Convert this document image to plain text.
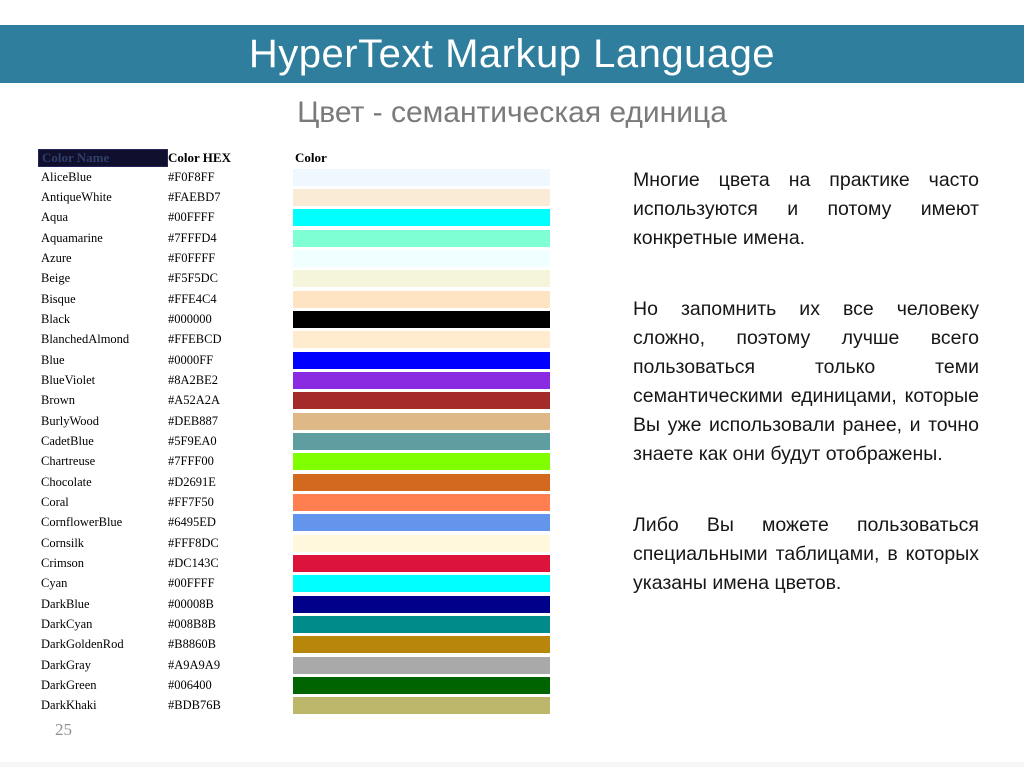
HyperText Markup Language
Цвет - семантическая единица
Color Name	Color HEX	Color
AliceBlue	#F0F8FF
AntiqueWhite	#FAEBD7
Aqua	#00FFFF
Aquamarine	#7FFFD4
Azure	#F0FFFF
Beige	#F5F5DC
Bisque	#FFE4C4
Black	#000000
BlanchedAlmond	#FFEBCD
Blue	#0000FF
BlueViolet	#8A2BE2
Brown	#A52A2A
BurlyWood	#DEB887
CadetBlue	#5F9EA0
Chartreuse	#7FFF00
Chocolate	#D2691E
Coral	#FF7F50
CornflowerBlue	#6495ED
Cornsilk	#FFF8DC
Crimson	#DC143C
Cyan	#00FFFF
DarkBlue	#00008B
DarkCyan	#008B8B
DarkGoldenRod	#B8860B
DarkGray	#A9A9A9
DarkGreen	#006400
DarkKhaki	#BDB76B

Многие цвета на практике часто используются и потому имеют конкретные имена.

Но запомнить их все человеку сложно, поэтому лучше всего пользоваться только теми семантическими единицами, которые Вы уже использовали ранее, и точно знаете как они будут отображены.

Либо Вы можете пользоваться специальными таблицами, в которых указаны имена цветов.

25
